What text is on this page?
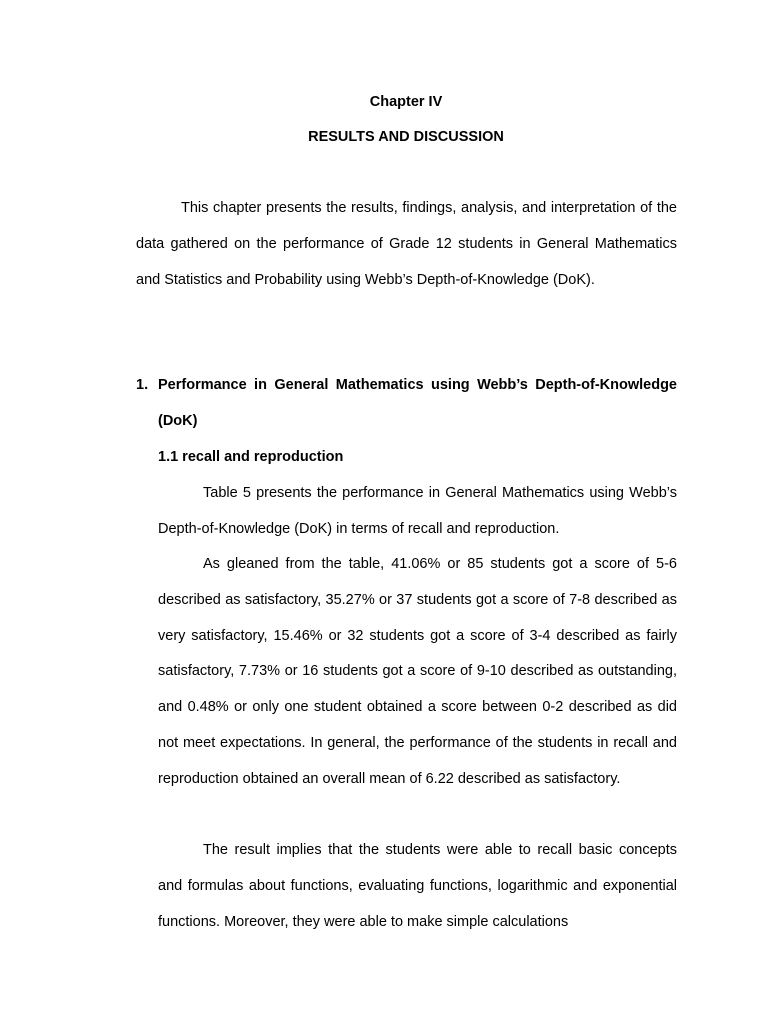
Chapter IV

RESULTS AND DISCUSSION

This chapter presents the results, findings, analysis, and interpretation of the data gathered on the performance of Grade 12 students in General Mathematics and Statistics and Probability using Webb’s Depth-of-Knowledge (DoK).

1. Performance in General Mathematics using Webb’s Depth-of-Knowledge (DoK)

1.1 recall and reproduction

Table 5 presents the performance in General Mathematics using Webb’s Depth-of-Knowledge (DoK) in terms of recall and reproduction.

As gleaned from the table, 41.06% or 85 students got a score of 5-6 described as satisfactory, 35.27% or 37 students got a score of 7-8 described as very satisfactory, 15.46% or 32 students got a score of 3-4 described as fairly satisfactory, 7.73% or 16 students got a score of 9-10 described as outstanding, and 0.48% or only one student obtained a score between 0-2 described as did not meet expectations. In general, the performance of the students in recall and reproduction obtained an overall mean of 6.22 described as satisfactory.

The result implies that the students were able to recall basic concepts and formulas about functions, evaluating functions, logarithmic and exponential functions. Moreover, they were able to make simple calculations
